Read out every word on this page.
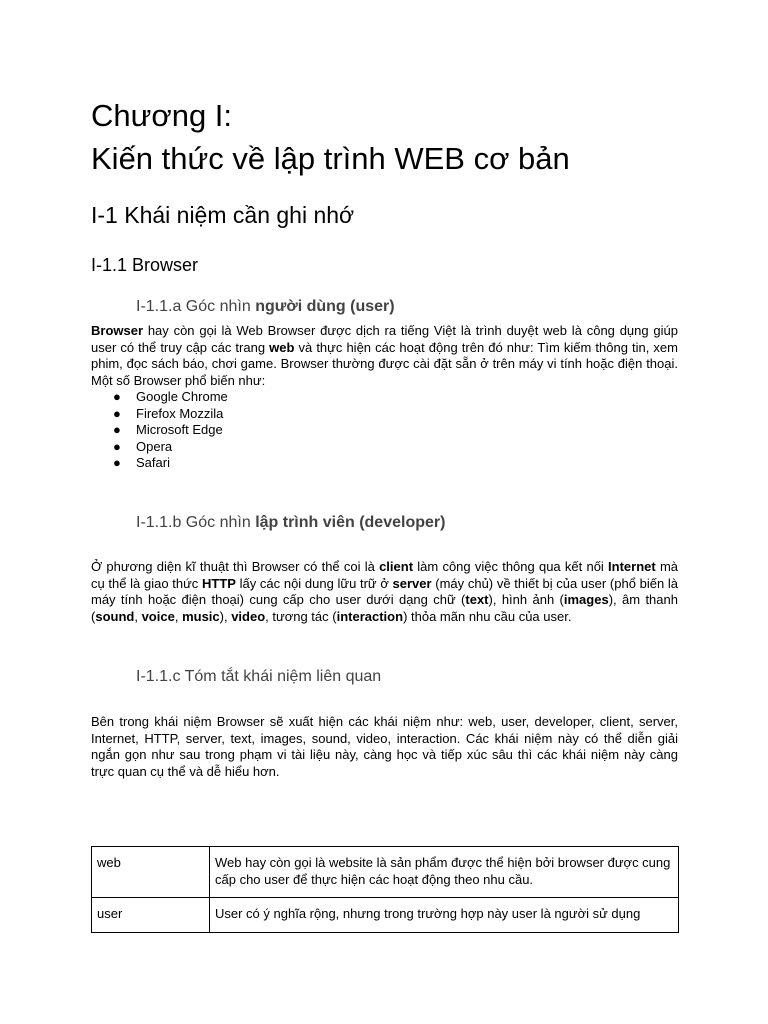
Chương I:
Kiến thức về lập trình WEB cơ bản
I-1 Khái niệm cần ghi nhớ
I-1.1 Browser
I-1.1.a Góc nhìn người dùng (user)

Browser hay còn gọi là Web Browser được dịch ra tiếng Việt là trình duyệt web là công dụng giúp user có thể truy cập các trang web và thực hiện các hoạt động trên đó như: Tìm kiếm thông tin, xem phim, đọc sách báo, chơi game. Browser thường được cài đặt sẵn ở trên máy vi tính hoặc điện thoại. Một số Browser phổ biến như:

● Google Chrome
● Firefox Mozzila
● Microsoft Edge
● Opera
● Safari
I-1.1.b Góc nhìn lập trình viên (developer)

Ở phương diện kĩ thuật thì Browser có thể coi là client làm công việc thông qua kết nối Internet mà cụ thể là giao thức HTTP lấy các nội dung lữu trữ ở server (máy chủ) về thiết bị của user (phổ biến là máy tính hoặc điện thoại) cung cấp cho user dưới dạng chữ (text), hình ảnh (images), âm thanh (sound, voice, music), video, tương tác (interaction) thỏa mãn nhu cầu của user.

I-1.1.c Tóm tắt khái niệm liên quan

Bên trong khái niệm Browser sẽ xuất hiện các khái niệm như: web, user, developer, client, server, Internet, HTTP, server, text, images, sound, video, interaction. Các khái niệm này có thể diễn giải ngắn gọn như sau trong phạm vi tài liệu này, càng học và tiếp xúc sâu thì các khái niệm này càng trực quan cụ thể và dễ hiểu hơn.

web	Web hay còn gọi là website là sản phẩm được thể hiện bởi browser được cung cấp cho user để thực hiện các hoạt động theo nhu cầu.
user	User có ý nghĩa rộng, nhưng trong trường hợp này user là người sử dụng
